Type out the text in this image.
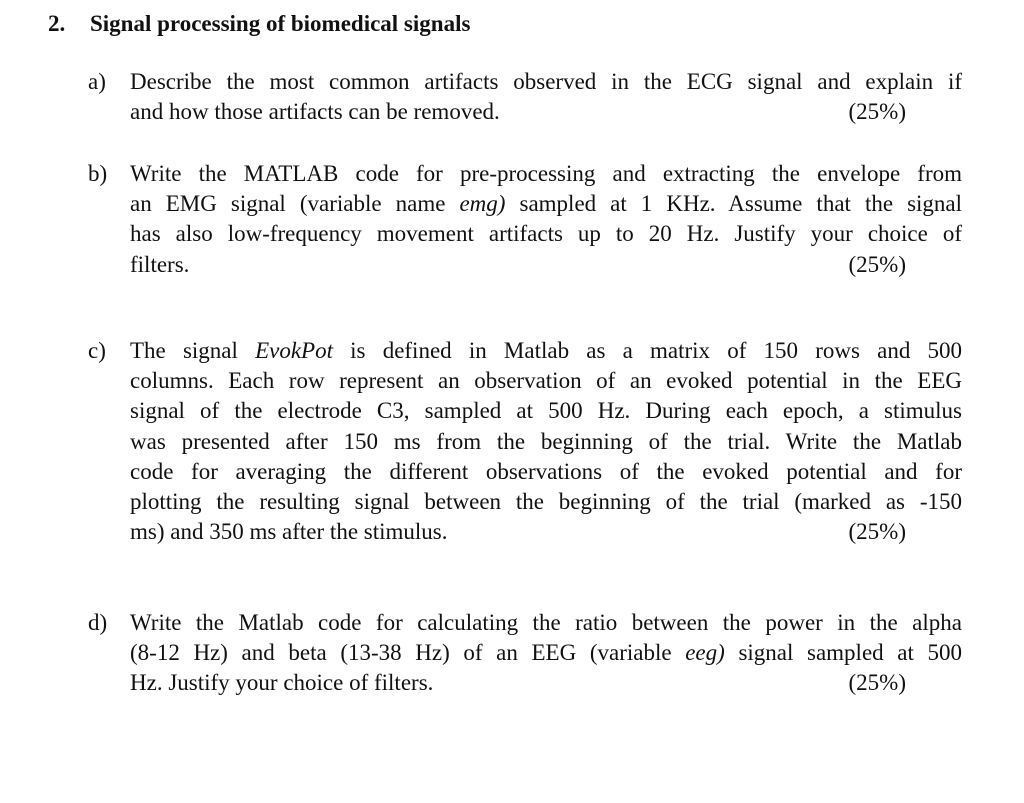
2. Signal processing of biomedical signals
a) Describe the most common artifacts observed in the ECG signal and explain if
and how those artifacts can be removed.	(25%)
b) Write the MATLAB code for pre-processing and extracting the envelope from
an EMG signal (variable name emg) sampled at 1 KHz. Assume that the signal
has also low-frequency movement artifacts up to 20 Hz. Justify your choice of
filters.	(25%)
c) The signal EvokPot is defined in Matlab as a matrix of 150 rows and 500
columns. Each row represent an observation of an evoked potential in the EEG
signal of the electrode C3, sampled at 500 Hz. During each epoch, a stimulus
was presented after 150 ms from the beginning of the trial. Write the Matlab
code for averaging the different observations of the evoked potential and for
plotting the resulting signal between the beginning of the trial (marked as -150
ms) and 350 ms after the stimulus.	(25%)
d) Write the Matlab code for calculating the ratio between the power in the alpha
(8-12 Hz) and beta (13-38 Hz) of an EEG (variable eeg) signal sampled at 500
Hz. Justify your choice of filters.	(25%)
